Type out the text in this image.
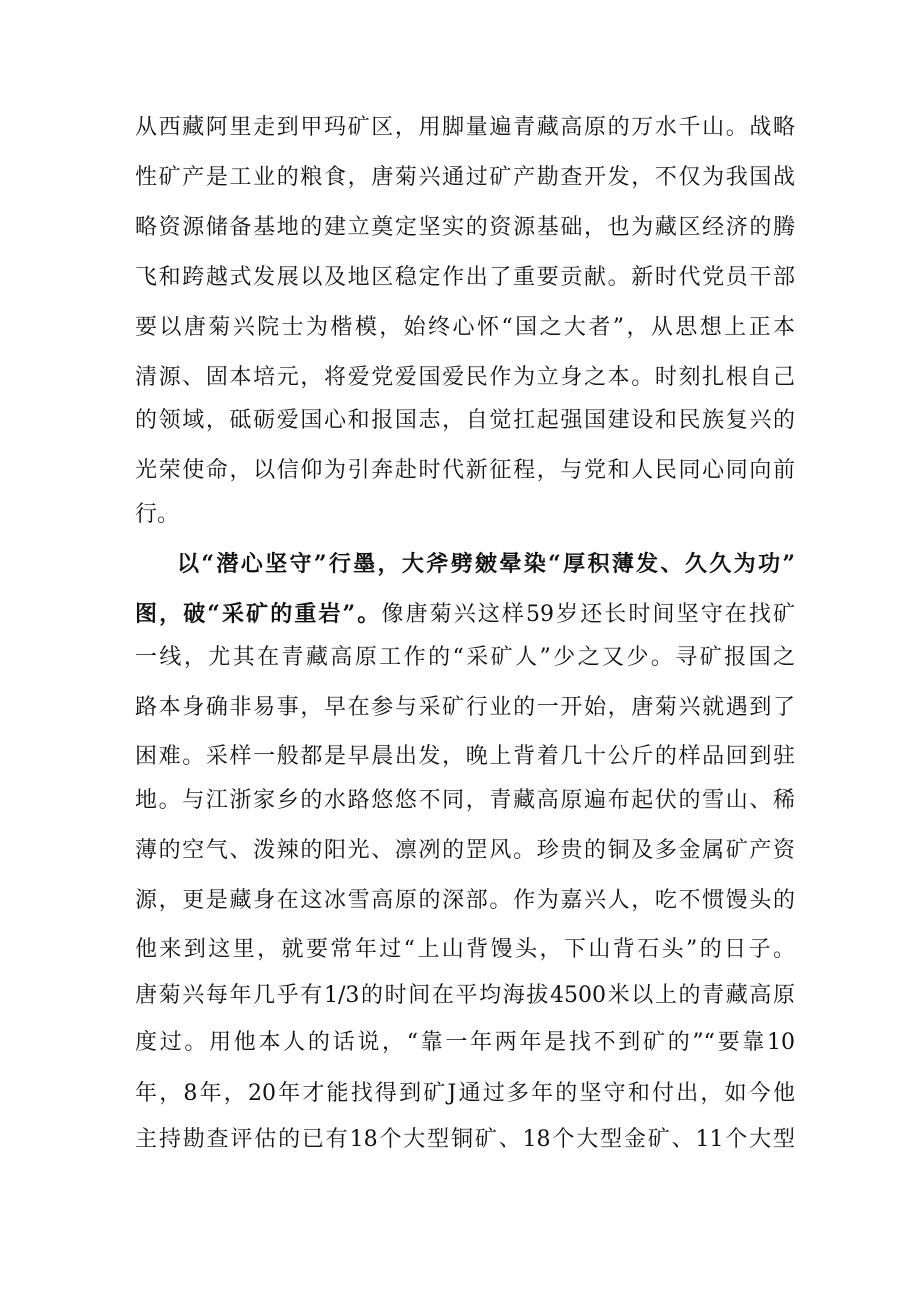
从西藏阿里走到甲玛矿区，用脚量遍青藏高原的万水千山。战略
性矿产是工业的粮食，唐菊兴通过矿产勘查开发，不仅为我国战
略资源储备基地的建立奠定坚实的资源基础，也为藏区经济的腾
飞和跨越式发展以及地区稳定作出了重要贡献。新时代党员干部
要以唐菊兴院士为楷模，始终心怀“国之大者”，从思想上正本
清源、固本培元，将爱党爱国爱民作为立身之本。时刻扎根自己
的领域，砥砺爱国心和报国志，自觉扛起强国建设和民族复兴的
光荣使命，以信仰为引奔赴时代新征程，与党和人民同心同向前
行。
以“潜心坚守”行墨，大斧劈皴晕染“厚积薄发、久久为功”
图，破“采矿的重岩”。像唐菊兴这样59岁还长时间坚守在找矿
一线，尤其在青藏高原工作的“采矿人”少之又少。寻矿报国之
路本身确非易事，早在参与采矿行业的一开始，唐菊兴就遇到了
困难。采样一般都是早晨出发，晚上背着几十公斤的样品回到驻
地。与江浙家乡的水路悠悠不同，青藏高原遍布起伏的雪山、稀
薄的空气、泼辣的阳光、凛冽的罡风。珍贵的铜及多金属矿产资
源，更是藏身在这冰雪高原的深部。作为嘉兴人，吃不惯馒头的
他来到这里，就要常年过“上山背馒头，下山背石头”的日子。
唐菊兴每年几乎有1/3的时间在平均海拔4500米以上的青藏高原
度过。用他本人的话说，“靠一年两年是找不到矿的”“要靠10
年，8年，20年才能找得到矿J通过多年的坚守和付出，如今他
主持勘查评估的已有18个大型铜矿、18个大型金矿、11个大型
